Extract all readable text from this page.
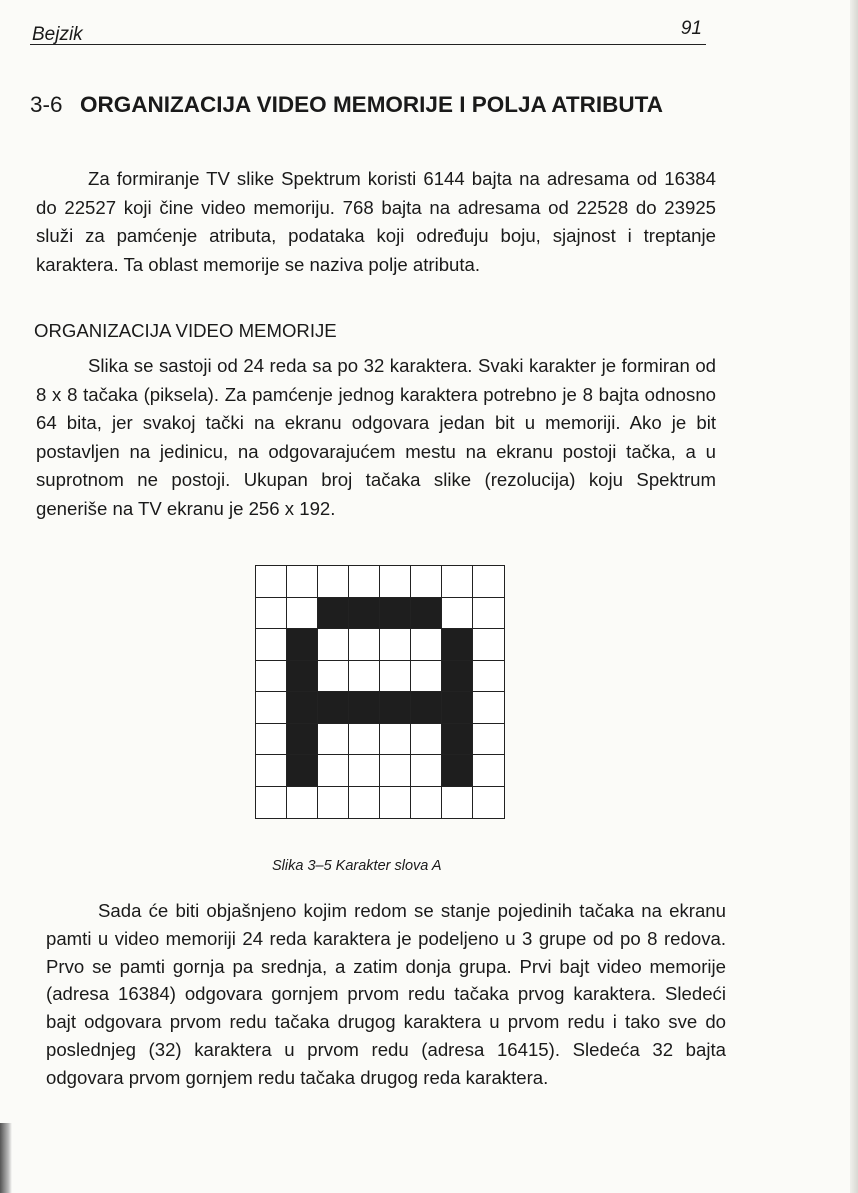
Bejzik	91
3-6 ORGANIZACIJA VIDEO MEMORIJE I POLJA ATRIBUTA

Za formiranje TV slike Spektrum koristi 6144 bajta na adresama od 16384 do 22527 koji čine video memoriju. 768 bajta na adresama od 22528 do 23925 služi za pamćenje atributa, podataka koji određuju boju, sjajnost i treptanje karaktera. Ta oblast memorije se naziva polje atributa.

ORGANIZACIJA VIDEO MEMORIJE

Slika se sastoji od 24 reda sa po 32 karaktera. Svaki karakter je formiran od 8 x 8 tačaka (piksela). Za pamćenje jednog karaktera potrebno je 8 bajta odnosno 64 bita, jer svakoj tački na ekranu odgovara jedan bit u memoriji. Ako je bit postavljen na jedinicu, na odgovarajućem mestu na ekranu postoji tačka, a u suprotnom ne postoji. Ukupan broj tačaka slike (rezolucija) koju Spektrum generiše na TV ekranu je 256 x 192.

Slika 3–5 Karakter slova A

Sada će biti objašnjeno kojim redom se stanje pojedinih tačaka na ekranu pamti u video memoriji 24 reda karaktera je podeljeno u 3 grupe od po 8 redova. Prvo se pamti gornja pa srednja, a zatim donja grupa. Prvi bajt video memorije (adresa 16384) odgovara gornjem prvom redu tačaka prvog karaktera. Sledeći bajt odgovara prvom redu tačaka drugog karaktera u prvom redu i tako sve do poslednjeg (32) karaktera u prvom redu (adresa 16415). Sledeća 32 bajta odgovara prvom gornjem redu tačaka drugog reda karaktera.
